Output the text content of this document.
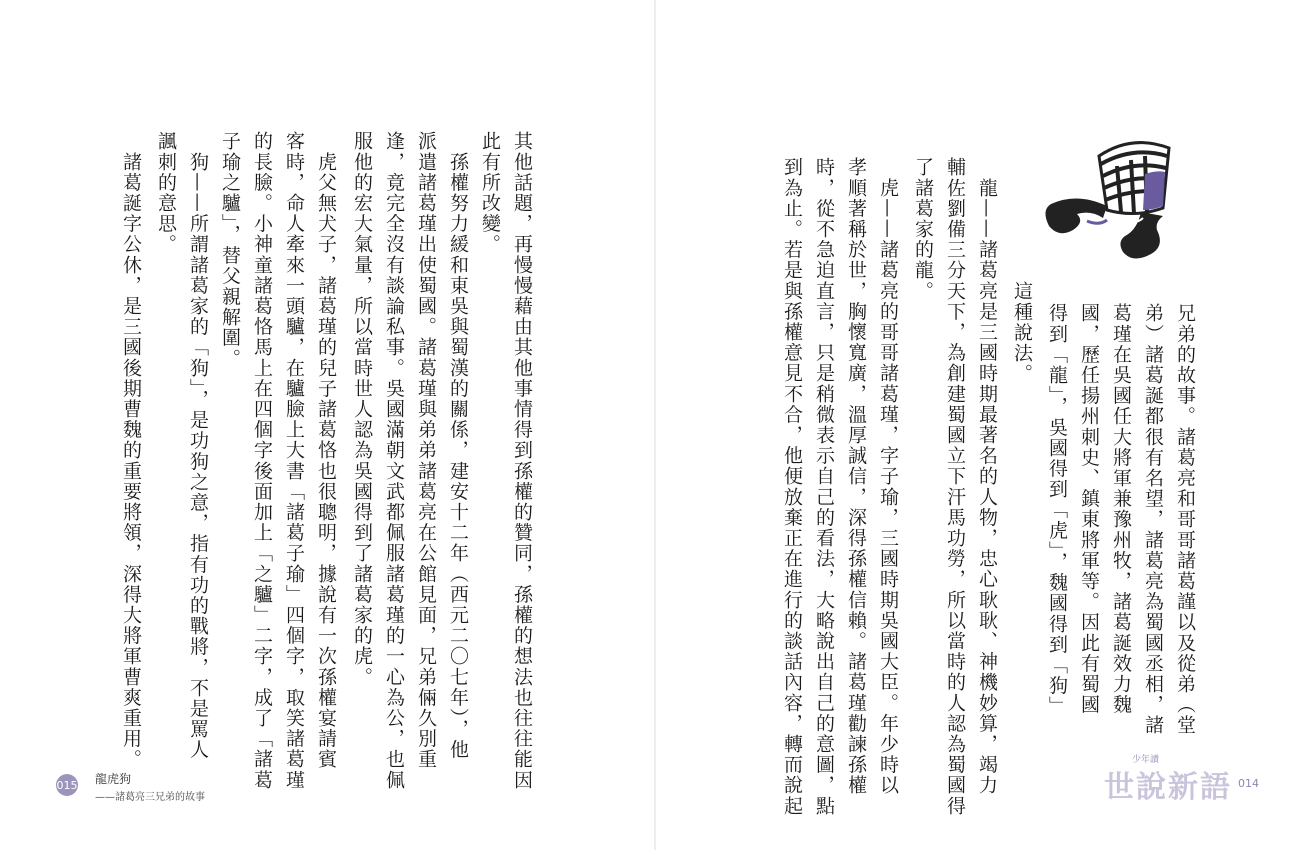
其他話題，再慢慢藉由其他事情得到孫權的贊同，孫權的想法也往往能因
此有所改變。
　孫權努力緩和東吳與蜀漢的關係，建安十二年（西元二〇七年），他
派遣諸葛瑾出使蜀國。諸葛瑾與弟弟諸葛亮在公館見面，兄弟倆久別重
逢，竟完全沒有談論私事。吳國滿朝文武都佩服諸葛瑾的一心為公，也佩
服他的宏大氣量，所以當時世人認為吳國得到了諸葛家的虎。
　虎父無犬子，諸葛瑾的兒子諸葛恪也很聰明，據說有一次孫權宴請賓
客時，命人牽來一頭驢，在驢臉上大書「諸葛子瑜」四個字，取笑諸葛瑾
的長臉。小神童諸葛恪馬上在四個字後面加上「之驢」二字，成了「諸葛
子瑜之驢」，替父親解圍。
　狗——所謂諸葛家的「狗」，是功狗之意，指有功的戰將，不是罵人
諷刺的意思。
　諸葛誕字公休，是三國後期曹魏的重要將領，深得大將軍曹爽重用。
015 龍虎狗
——諸葛亮三兄弟的故事
兄弟的故事。諸葛亮和哥哥諸葛謹以及從弟（堂
弟）諸葛誕都很有名望，諸葛亮為蜀國丞相，諸
葛瑾在吳國任大將軍兼豫州牧，諸葛誕效力魏
國，歷任揚州刺史、鎮東將軍等。因此有蜀國
得到「龍」，吳國得到「虎」，魏國得到「狗」
這種說法。
　龍——諸葛亮是三國時期最著名的人物，忠心耿耿、神機妙算，竭力
輔佐劉備三分天下，為創建蜀國立下汗馬功勞，所以當時的人認為蜀國得
了諸葛家的龍。
　虎——諸葛亮的哥哥諸葛瑾，字子瑜，三國時期吳國大臣。年少時以
孝順著稱於世，胸懷寬廣，溫厚誠信，深得孫權信賴。諸葛瑾勸諫孫權
時，從不急迫直言，只是稍微表示自己的看法，大略說出自己的意圖，點
到為止。若是與孫權意見不合，他便放棄正在進行的談話內容，轉而說起	少年讀
世說新語 014
